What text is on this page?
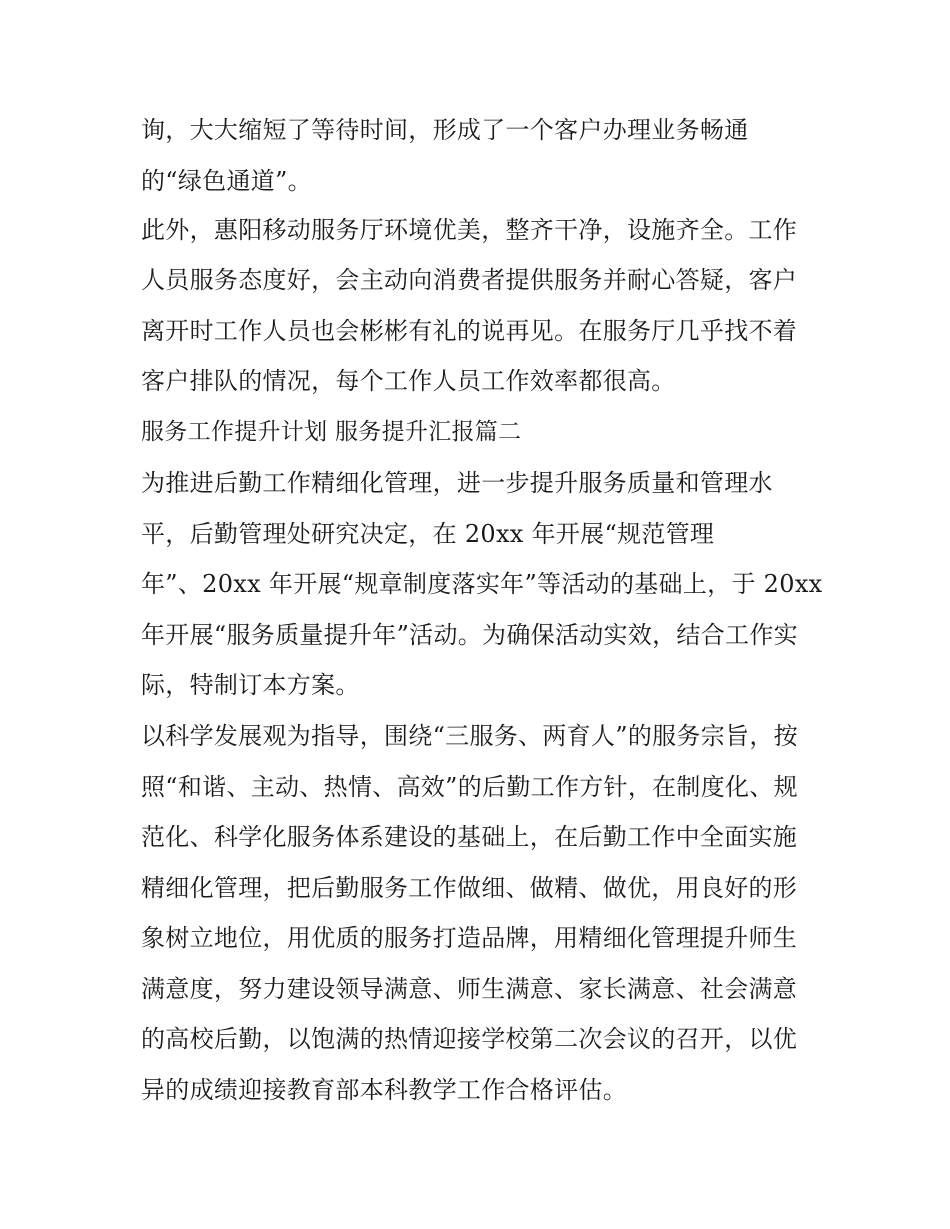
询，大大缩短了等待时间，形成了一个客户办理业务畅通
的“绿色通道”。
此外，惠阳移动服务厅环境优美，整齐干净，设施齐全。工作
人员服务态度好，会主动向消费者提供服务并耐心答疑，客户
离开时工作人员也会彬彬有礼的说再见。在服务厅几乎找不着
客户排队的情况，每个工作人员工作效率都很高。
服务工作提升计划 服务提升汇报篇二
为推进后勤工作精细化管理，进一步提升服务质量和管理水
平，后勤管理处研究决定，在 20xx 年开展“规范管理
年”、20xx 年开展“规章制度落实年”等活动的基础上，于 20xx
年开展“服务质量提升年”活动。为确保活动实效，结合工作实
际，特制订本方案。
以科学发展观为指导，围绕“三服务、两育人”的服务宗旨，按
照“和谐、主动、热情、高效”的后勤工作方针，在制度化、规
范化、科学化服务体系建设的基础上，在后勤工作中全面实施
精细化管理，把后勤服务工作做细、做精、做优，用良好的形
象树立地位，用优质的服务打造品牌，用精细化管理提升师生
满意度，努力建设领导满意、师生满意、家长满意、社会满意
的高校后勤，以饱满的热情迎接学校第二次会议的召开，以优
异的成绩迎接教育部本科教学工作合格评估。
